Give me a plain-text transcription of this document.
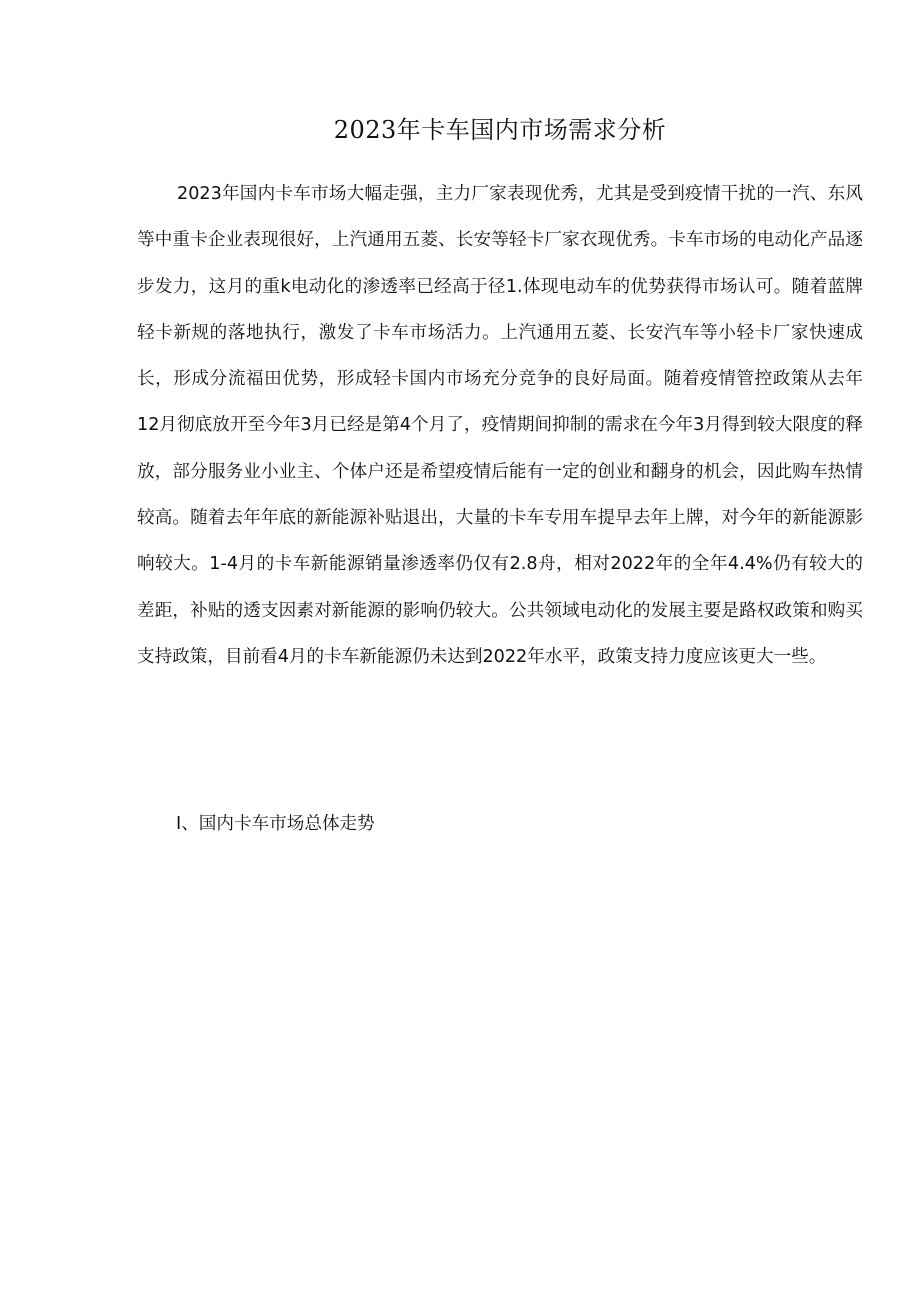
2023年卡车国内市场需求分析

2023年国内卡车市场大幅走强，主力厂家表现优秀，尤其是受到疫情干扰的一汽、东风等中重卡企业表现很好，上汽通用五菱、长安等轻卡厂家衣现优秀。卡车市场的电动化产品逐步发力，这月的重k电动化的渗透率已经高于径1.体现电动车的优势获得市场认可。随着蓝牌轻卡新规的落地执行，激发了卡车市场活力。上汽通用五菱、长安汽车等小轻卡厂家快速成长，形成分流福田优势，形成轻卡国内市场充分竞争的良好局面。随着疫情管控政策从去年12月彻底放开至今年3月已经是第4个月了，疫情期间抑制的需求在今年3月得到较大限度的释放，部分服务业小业主、个体户还是希望疫情后能有一定的创业和翻身的机会，因此购车热情较高。随着去年年底的新能源补贴退出，大量的卡车专用车提早去年上牌，对今年的新能源影响较大。1-4月的卡车新能源销量渗透率仍仅有2.8舟，相对2022年的全年4.4%仍有较大的差距，补贴的透支因素对新能源的影响仍较大。公共领域电动化的发展主要是路权政策和购买支持政策，目前看4月的卡车新能源仍未达到2022年水平，政策支持力度应该更大一些。

I、国内卡车市场总体走势
